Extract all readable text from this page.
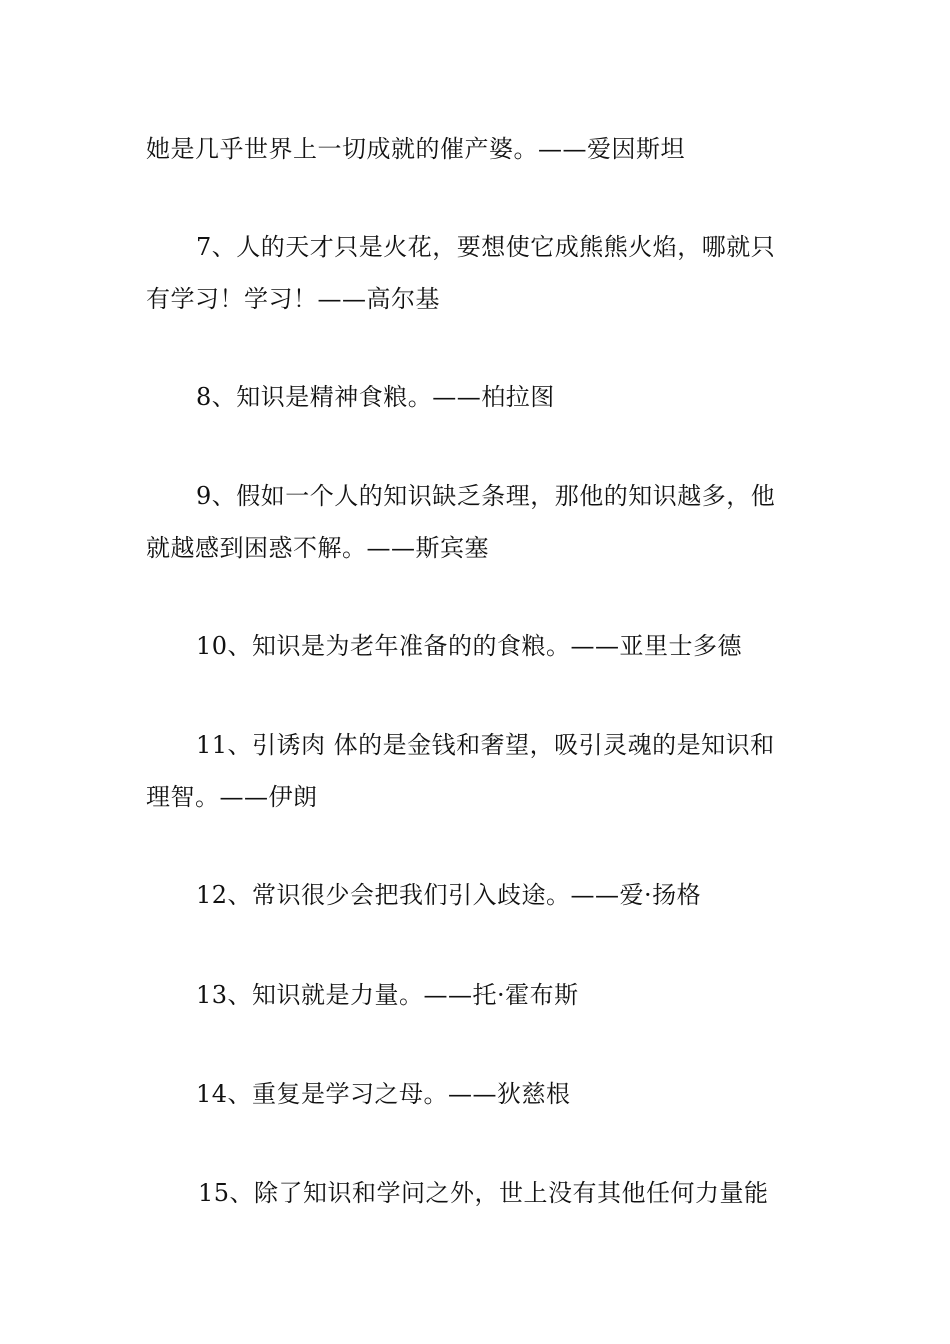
她是几乎世界上一切成就的催产婆。——爱因斯坦
7、人的天才只是火花，要想使它成熊熊火焰，哪就只
有学习！学习！——高尔基
8、知识是精神食粮。——柏拉图
9、假如一个人的知识缺乏条理，那他的知识越多，他
就越感到困惑不解。——斯宾塞
10、知识是为老年准备的的食粮。——亚里士多德
11、引诱肉 体的是金钱和奢望，吸引灵魂的是知识和
理智。——伊朗
12、常识很少会把我们引入歧途。——爱·扬格
13、知识就是力量。——托·霍布斯
14、重复是学习之母。——狄慈根
15、除了知识和学问之外，世上没有其他任何力量能
